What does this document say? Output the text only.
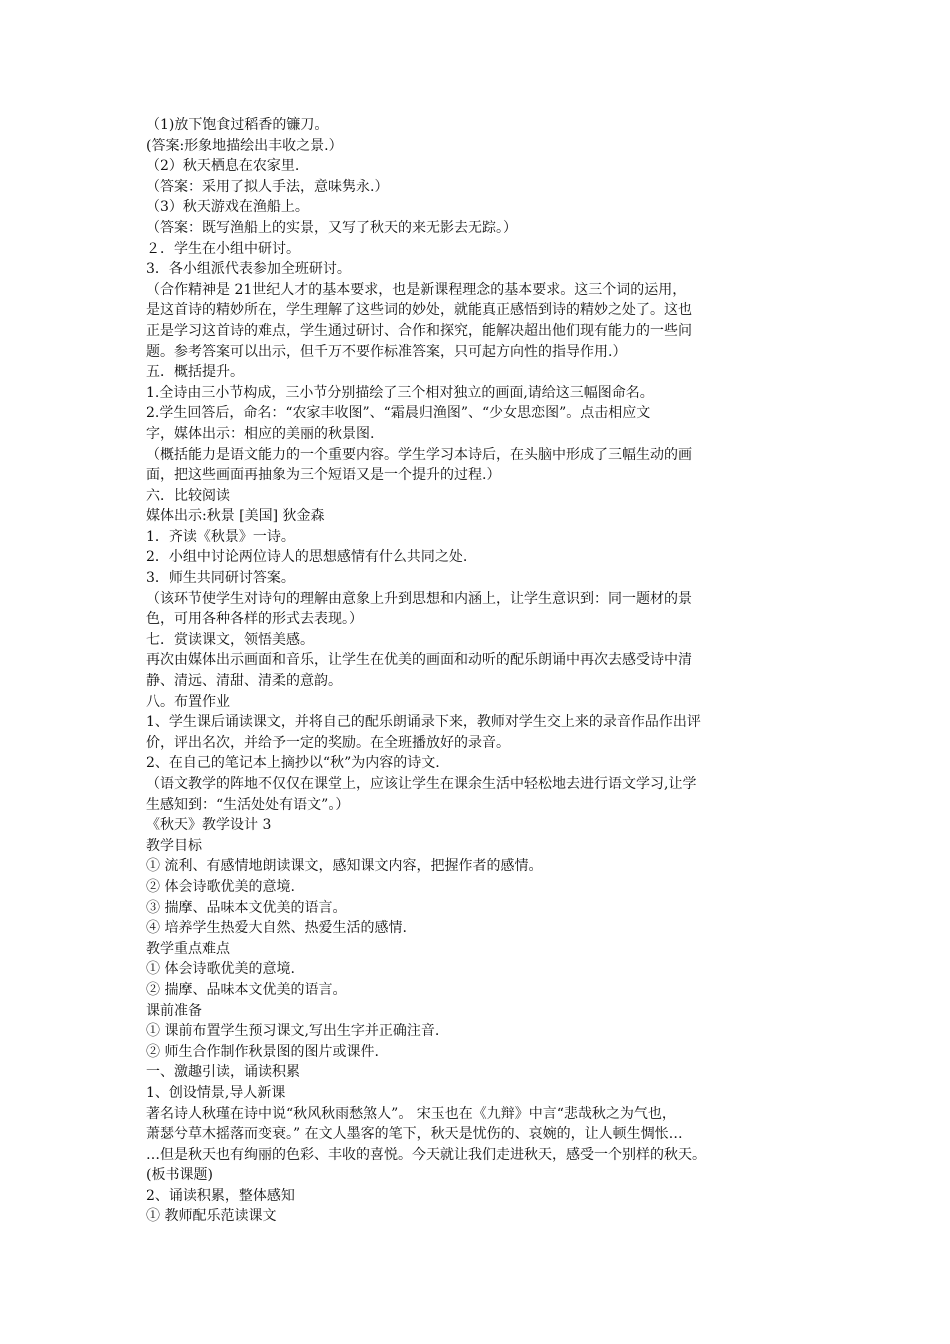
（1)放下饱食过稻香的镰刀。
(答案:形象地描绘出丰收之景.）
（2）秋天栖息在农家里.
（答案：采用了拟人手法，意味隽永.）
（3）秋天游戏在渔船上。
（答案：既写渔船上的实景，又写了秋天的来无影去无踪。）
２．学生在小组中研讨。
3．各小组派代表参加全班研讨。
（合作精神是 21世纪人才的基本要求，也是新课程理念的基本要求。这三个词的运用，
是这首诗的精妙所在，学生理解了这些词的妙处，就能真正感悟到诗的精妙之处了。这也
正是学习这首诗的难点，学生通过研讨、合作和探究，能解决超出他们现有能力的一些问
题。参考答案可以出示，但千万不要作标准答案，只可起方向性的指导作用.）
五．概括提升。
1.全诗由三小节构成，三小节分别描绘了三个相对独立的画面,请给这三幅图命名。
2.学生回答后，命名：“农家丰收图”、“霜晨归渔图”、“少女思恋图”。点击相应文
字，媒体出示：相应的美丽的秋景图.
（概括能力是语文能力的一个重要内容。学生学习本诗后，在头脑中形成了三幅生动的画
面，把这些画面再抽象为三个短语又是一个提升的过程.）
六．比较阅读
媒体出示:秋景 [美国] 狄金森
1．齐读《秋景》一诗。
2．小组中讨论两位诗人的思想感情有什么共同之处.
3．师生共同研讨答案。
（该环节使学生对诗句的理解由意象上升到思想和内涵上，让学生意识到：同一题材的景
色，可用各种各样的形式去表现。）
七．赏读课文，领悟美感。
再次由媒体出示画面和音乐，让学生在优美的画面和动听的配乐朗诵中再次去感受诗中清
静、清远、清甜、清柔的意韵。
八。布置作业
1、学生课后诵读课文，并将自己的配乐朗诵录下来，教师对学生交上来的录音作品作出评
价，评出名次，并给予一定的奖励。在全班播放好的录音。
2、在自己的笔记本上摘抄以“秋”为内容的诗文.
（语文教学的阵地不仅仅在课堂上，应该让学生在课余生活中轻松地去进行语文学习,让学
生感知到：“生活处处有语文”。）
《秋天》教学设计 3
教学目标
① 流利、有感情地朗读课文，感知课文内容，把握作者的感情。
② 体会诗歌优美的意境.
③ 揣摩、品味本文优美的语言。
④ 培养学生热爱大自然、热爱生活的感情.
教学重点难点
① 体会诗歌优美的意境.
② 揣摩、品味本文优美的语言。
课前准备
① 课前布置学生预习课文,写出生字并正确注音.
② 师生合作制作秋景图的图片或课件.
一、激趣引读，诵读积累
1、创设情景,导人新课
著名诗人秋瑾在诗中说“秋风秋雨愁煞人”。 宋玉也在《九辩》中言“悲哉秋之为气也，
萧瑟兮草木摇落而变衰。” 在文人墨客的笔下，秋天是忧伤的、哀婉的，让人顿生惆怅…
…但是秋天也有绚丽的色彩、丰收的喜悦。今天就让我们走进秋天，感受一个别样的秋天。
(板书课题)
2、诵读积累，整体感知
① 教师配乐范读课文
